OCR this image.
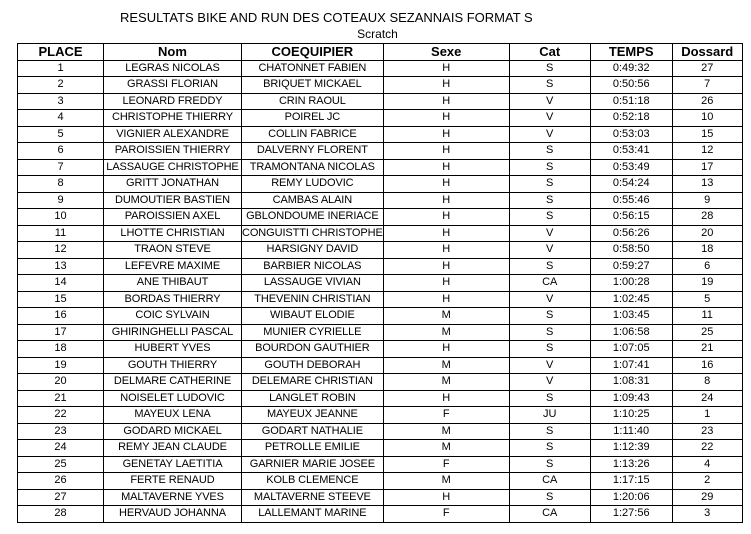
RESULTATS BIKE AND RUN DES COTEAUX SEZANNAIS FORMAT S
Scratch
PLACE	Nom	COEQUIPIER	Sexe	Cat	TEMPS	Dossard
1	LEGRAS NICOLAS	CHATONNET FABIEN	H	S	0:49:32	27
2	GRASSI FLORIAN	BRIQUET MICKAEL	H	S	0:50:56	7
3	LEONARD FREDDY	CRIN RAOUL	H	V	0:51:18	26
4	CHRISTOPHE THIERRY	POIREL JC	H	V	0:52:18	10
5	VIGNIER ALEXANDRE	COLLIN FABRICE	H	V	0:53:03	15
6	PAROISSIEN THIERRY	DALVERNY FLORENT	H	S	0:53:41	12
7	LASSAUGE CHRISTOPHE	TRAMONTANA NICOLAS	H	S	0:53:49	17
8	GRITT JONATHAN	REMY LUDOVIC	H	S	0:54:24	13
9	DUMOUTIER BASTIEN	CAMBAS ALAIN	H	S	0:55:46	9
10	PAROISSIEN AXEL	GBLONDOUME INERIACE	H	S	0:56:15	28
11	LHOTTE CHRISTIAN	CONGUISTTI CHRISTOPHE	H	V	0:56:26	20
12	TRAON STEVE	HARSIGNY DAVID	H	V	0:58:50	18
13	LEFEVRE MAXIME	BARBIER NICOLAS	H	S	0:59:27	6
14	ANE THIBAUT	LASSAUGE VIVIAN	H	CA	1:00:28	19
15	BORDAS THIERRY	THEVENIN CHRISTIAN	H	V	1:02:45	5
16	COIC SYLVAIN	WIBAUT ELODIE	M	S	1:03:45	11
17	GHIRINGHELLI PASCAL	MUNIER CYRIELLE	M	S	1:06:58	25
18	HUBERT YVES	BOURDON GAUTHIER	H	S	1:07:05	21
19	GOUTH THIERRY	GOUTH DEBORAH	M	V	1:07:41	16
20	DELMARE CATHERINE	DELEMARE CHRISTIAN	M	V	1:08:31	8
21	NOISELET LUDOVIC	LANGLET ROBIN	H	S	1:09:43	24
22	MAYEUX LENA	MAYEUX JEANNE	F	JU	1:10:25	1
23	GODARD MICKAEL	GODART NATHALIE	M	S	1:11:40	23
24	REMY JEAN CLAUDE	PETROLLE EMILIE	M	S	1:12:39	22
25	GENETAY LAETITIA	GARNIER MARIE JOSEE	F	S	1:13:26	4
26	FERTE RENAUD	KOLB CLEMENCE	M	CA	1:17:15	2
27	MALTAVERNE YVES	MALTAVERNE STEEVE	H	S	1:20:06	29
28	HERVAUD JOHANNA	LALLEMANT MARINE	F	CA	1:27:56	3
